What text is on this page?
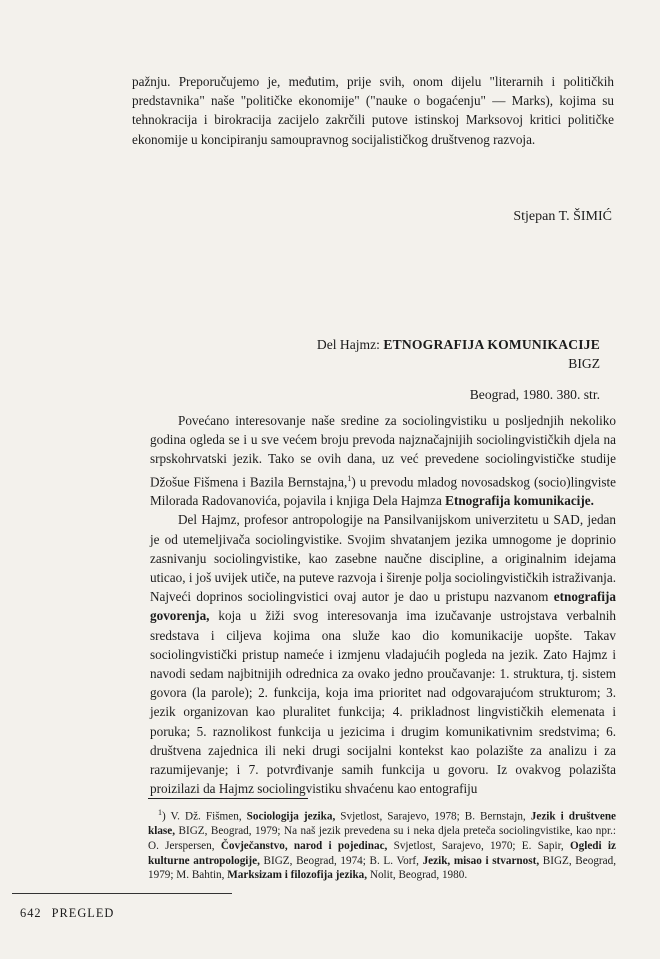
pažnju. Preporučujemo je, međutim, prije svih, onom dijelu "literarnih i političkih predstavnika" naše "političke ekonomije" ("nauke o bogaćenju" — Marks), kojima su tehnokracija i birokracija zacijelo zakrčili putove istinskoj Marksovoj kritici političke ekonomije u koncipiranju samoupravnog socijalističkog društvenog razvoja.

Stjepan T. ŠIMIĆ
Del Hajmz: ETNOGRAFIJA KOMUNIKACIJE
BIGZ
Beograd, 1980. 380. str.

Povećano interesovanje naše sredine za sociolingvistiku u posljednjih nekoliko godina ogleda se i u sve većem broju prevoda najznačajnijih sociolingvističkih djela na srpskohrvatski jezik. Tako se ovih dana, uz već prevedene sociolingvističke studije Džošue Fišmena i Bazila Bernstajna,$^1$) u prevodu mladog novosadskog (socio)lingviste Milorada Radovanovića, pojavila i knjiga Dela Hajmza Etnografija komunikacije.

Del Hajmz, profesor antropologije na Pansilvanijskom univerzitetu u SAD, jedan je od utemeljivača sociolingvistike. Svojim shvatanjem jezika umnogome je doprinio zasnivanju sociolingvistike, kao zasebne naučne discipline, a originalnim idejama uticao, i još uvijek utiče, na puteve razvoja i širenje polja sociolingvističkih istraživanja. Najveći doprinos sociolingvistici ovaj autor je dao u pristupu nazvanom etnografija govorenja, koja u žiži svog interesovanja ima izučavanje ustrojstava verbalnih sredstava i ciljeva kojima ona služe kao dio komunikacije uopšte. Takav sociolingvistički pristup nameće i izmjenu vladajućih pogleda na jezik. Zato Hajmz i navodi sedam najbitnijih odrednica za ovako jedno proučavanje: 1. struktura, tj. sistem govora (la parole); 2. funkcija, koja ima prioritet nad odgovarajućom strukturom; 3. jezik organizovan kao pluralitet funkcija; 4. prikladnost lingvističkih elemenata i poruka; 5. raznolikost funkcija u jezicima i drugim komunikativnim sredstvima; 6. društvena zajednica ili neki drugi socijalni kontekst kao polazište za analizu i za razumijevanje; i 7. potvrđivanje samih funkcija u govoru. Iz ovakvog polazišta proizilazi da Hajmz sociolingvistiku shvaćenu kao entografiju

$^1$) V. Dž. Fišmen, Sociologija jezika, Svjetlost, Sarajevo, 1978; B. Bernstajn, Jezik i društvene klase, BIGZ, Beograd, 1979; Na naš jezik prevedena su i neka djela preteča sociolingvistike, kao npr.: O. Jerspersen, Čovječanstvo, narod i pojedinac, Svjetlost, Sarajevo, 1970; E. Sapir, Ogledi iz kulturne antropologije, BIGZ, Beograd, 1974; B. L. Vorf, Jezik, misao i stvarnost, BIGZ, Beograd, 1979; M. Bahtin, Marksizam i filozofija jezika, Nolit, Beograd, 1980.

642 PREGLED
